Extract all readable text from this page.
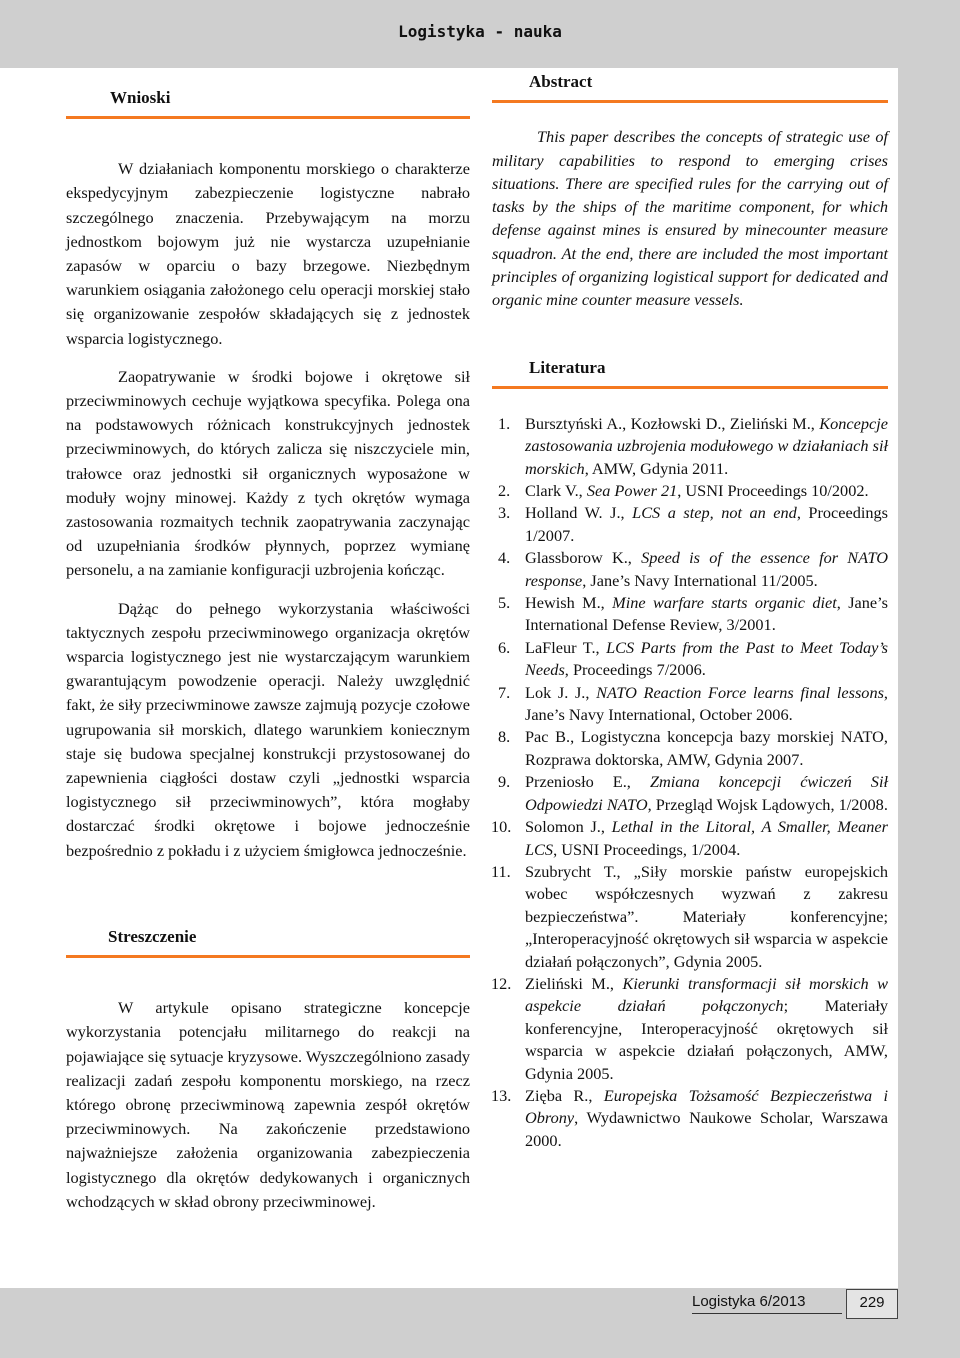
Logistyka - nauka
Wnioski

W działaniach komponentu morskiego o charakterze ekspedycyjnym zabezpieczenie logistyczne nabrało szczególnego znaczenia. Przebywającym na morzu jednostkom bojowym już nie wystarcza uzupełnianie zapasów w oparciu o bazy brzegowe. Niezbędnym warunkiem osiągania założonego celu operacji morskiej stało się organizowanie zespołów składających się z jednostek wsparcia logistycznego.

Zaopatrywanie w środki bojowe i okrętowe sił przeciwminowych cechuje wyjątkowa specyfika. Polega ona na podstawowych różnicach konstrukcyjnych jednostek przeciwminowych, do których zalicza się niszczyciele min, trałowce oraz jednostki sił organicznych wyposażone w moduły wojny minowej. Każdy z tych okrętów wymaga zastosowania rozmaitych technik zaopatrywania zaczynając od uzupełniania środków płynnych, poprzez wymianę personelu, a na zamianie konfiguracji uzbrojenia kończąc.

Dążąc do pełnego wykorzystania właściwości taktycznych zespołu przeciwminowego organizacja okrętów wsparcia logistycznego jest nie wystarczającym warunkiem gwarantującym powodzenie operacji. Należy uwzględnić fakt, że siły przeciwminowe zawsze zajmują pozycje czołowe ugrupowania sił morskich, dlatego warunkiem koniecznym staje się budowa specjalnej konstrukcji przystosowanej do zapewnienia ciągłości dostaw czyli „jednostki wsparcia logistycznego sił przeciwminowych”, która mogłaby dostarczać środki okrętowe i bojowe jednocześnie bezpośrednio z pokładu i z użyciem śmigłowca jednocześnie.

Streszczenie

W artykule opisano strategiczne koncepcje wykorzystania potencjału militarnego do reakcji na pojawiające się sytuacje kryzysowe. Wyszczególniono zasady realizacji zadań zespołu komponentu morskiego, na rzecz którego obronę przeciwminową zapewnia zespół okrętów przeciwminowych. Na zakończenie przedstawiono najważniejsze założenia organizowania zabezpieczenia logistycznego dla okrętów dedykowanych i organicznych wchodzących w skład obrony przeciwminowej.

Abstract

This paper describes the concepts of strategic use of military capabilities to respond to emerging crises situations. There are specified rules for the carrying out of tasks by the ships of the maritime component, for which defense against mines is ensured by minecounter measure squadron. At the end, there are included the most important principles of organizing logistical support for dedicated and organic mine counter measure vessels.

Literatura
1. Bursztyński A., Kozłowski D., Zieliński M., Koncepcje zastosowania uzbrojenia modułowego w działaniach sił morskich, AMW, Gdynia 2011.
2. Clark V., Sea Power 21, USNI Proceedings 10/2002.
3. Holland W. J., LCS a step, not an end, Proceedings 1/2007.
4. Glassborow K., Speed is of the essence for NATO response, Jane’s Navy International 11/2005.
5. Hewish M., Mine warfare starts organic diet, Jane’s International Defense Review, 3/2001.
6. LaFleur T., LCS Parts from the Past to Meet Today’s Needs, Proceedings 7/2006.
7. Lok J. J., NATO Reaction Force learns final lessons, Jane’s Navy International, October 2006.
8. Pac B., Logistyczna koncepcja bazy morskiej NATO, Rozprawa doktorska, AMW, Gdynia 2007.
9. Przeniosło E., Zmiana koncepcji ćwiczeń Sił Odpowiedzi NATO, Przegląd Wojsk Lądowych, 1/2008.
10. Solomon J., Lethal in the Litoral, A Smaller, Meaner LCS, USNI Proceedings, 1/2004.
11. Szubrycht T., „Siły morskie państw europejskich wobec współczesnych wyzwań z zakresu bezpieczeństwa”. Materiały konferencyjne; „Interoperacyjność okrętowych sił wsparcia w aspekcie działań połączonych”, Gdynia 2005.
12. Zieliński M., Kierunki transformacji sił morskich w aspekcie działań połączonych; Materiały konferencyjne, Interoperacyjność okrętowych sił wsparcia w aspekcie działań połączonych, AMW, Gdynia 2005.
13. Zięba R., Europejska Tożsamość Bezpieczeństwa i Obrony, Wydawnictwo Naukowe Scholar, Warszawa 2000.
Logistyka 6/2013	229
